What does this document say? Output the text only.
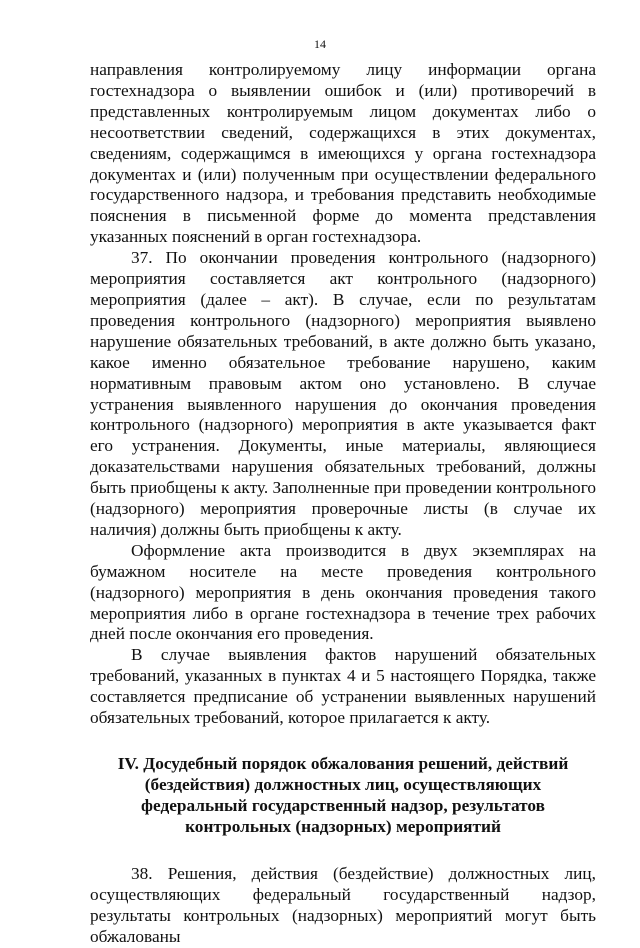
14

направления контролируемому лицу информации органа гостехнадзора о выявлении ошибок и (или) противоречий в представленных контролируемым лицом документах либо о несоответствии сведений, содержащихся в этих документах, сведениям, содержащимся в имеющихся у органа гостехнадзора документах и (или) полученным при осуществлении федерального государственного надзора, и требования представить необходимые пояснения в письменной форме до момента представления указанных пояснений в орган гостехнадзора.

37. По окончании проведения контрольного (надзорного) мероприятия составляется акт контрольного (надзорного) мероприятия (далее – акт). В случае, если по результатам проведения контрольного (надзорного) мероприятия выявлено нарушение обязательных требований, в акте должно быть указано, какое именно обязательное требование нарушено, каким нормативным правовым актом оно установлено. В случае устранения выявленного нарушения до окончания проведения контрольного (надзорного) мероприятия в акте указывается факт его устранения. Документы, иные материалы, являющиеся доказательствами нарушения обязательных требований, должны быть приобщены к акту. Заполненные при проведении контрольного (надзорного) мероприятия проверочные листы (в случае их наличия) должны быть приобщены к акту.

Оформление акта производится в двух экземплярах на бумажном носителе на месте проведения контрольного (надзорного) мероприятия в день окончания проведения такого мероприятия либо в органе гостехнадзора в течение трех рабочих дней после окончания его проведения.

В случае выявления фактов нарушений обязательных требований, указанных в пунктах 4 и 5 настоящего Порядка, также составляется предписание об устранении выявленных нарушений обязательных требований, которое прилагается к акту.

IV. Досудебный порядок обжалования решений, действий (бездействия) должностных лиц, осуществляющих федеральный государственный надзор, результатов контрольных (надзорных) мероприятий

38. Решения, действия (бездействие) должностных лиц, осуществляющих федеральный государственный надзор, результаты контрольных (надзорных) мероприятий могут быть обжалованы
